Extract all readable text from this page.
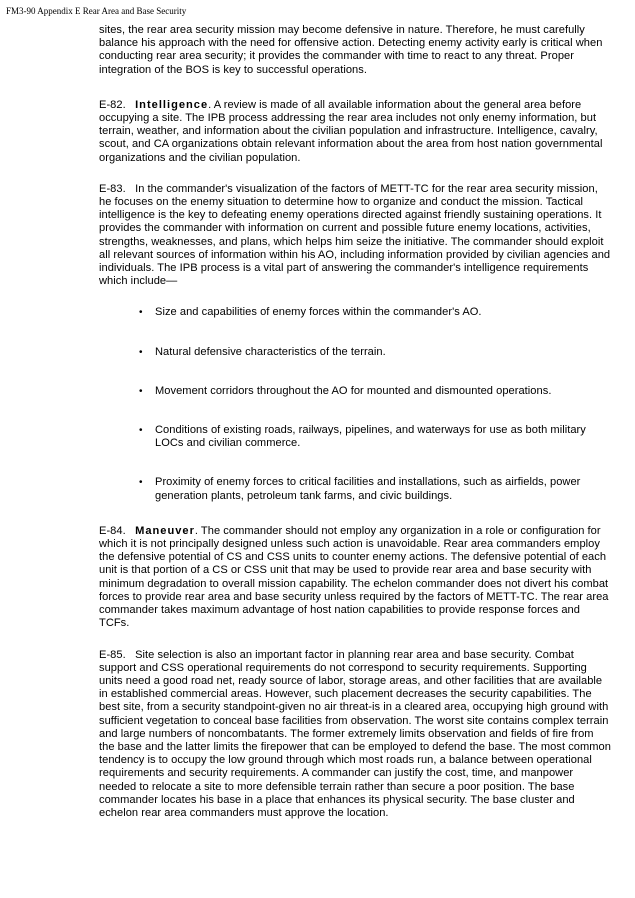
FM3-90 Appendix E Rear Area and Base Security

sites, the rear area security mission may become defensive in nature. Therefore, he must carefully balance his approach with the need for offensive action. Detecting enemy activity early is critical when conducting rear area security; it provides the commander with time to react to any threat. Proper integration of the BOS is key to successful operations.

E-82. Intelligence. A review is made of all available information about the general area before occupying a site. The IPB process addressing the rear area includes not only enemy information, but terrain, weather, and information about the civilian population and infrastructure. Intelligence, cavalry, scout, and CA organizations obtain relevant information about the area from host nation governmental organizations and the civilian population.

E-83. In the commander's visualization of the factors of METT-TC for the rear area security mission, he focuses on the enemy situation to determine how to organize and conduct the mission. Tactical intelligence is the key to defeating enemy operations directed against friendly sustaining operations. It provides the commander with information on current and possible future enemy locations, activities, strengths, weaknesses, and plans, which helps him seize the initiative. The commander should exploit all relevant sources of information within his AO, including information provided by civilian agencies and individuals. The IPB process is a vital part of answering the commander's intelligence requirements which include—

• Size and capabilities of enemy forces within the commander's AO.
• Natural defensive characteristics of the terrain.
• Movement corridors throughout the AO for mounted and dismounted operations.
• Conditions of existing roads, railways, pipelines, and waterways for use as both military LOCs and civilian commerce.
• Proximity of enemy forces to critical facilities and installations, such as airfields, power generation plants, petroleum tank farms, and civic buildings.

E-84. Maneuver. The commander should not employ any organization in a role or configuration for which it is not principally designed unless such action is unavoidable. Rear area commanders employ the defensive potential of CS and CSS units to counter enemy actions. The defensive potential of each unit is that portion of a CS or CSS unit that may be used to provide rear area and base security with minimum degradation to overall mission capability. The echelon commander does not divert his combat forces to provide rear area and base security unless required by the factors of METT-TC. The rear area commander takes maximum advantage of host nation capabilities to provide response forces and TCFs.

E-85. Site selection is also an important factor in planning rear area and base security. Combat support and CSS operational requirements do not correspond to security requirements. Supporting units need a good road net, ready source of labor, storage areas, and other facilities that are available in established commercial areas. However, such placement decreases the security capabilities. The best site, from a security standpoint-given no air threat-is in a cleared area, occupying high ground with sufficient vegetation to conceal base facilities from observation. The worst site contains complex terrain and large numbers of noncombatants. The former extremely limits observation and fields of fire from the base and the latter limits the firepower that can be employed to defend the base. The most common tendency is to occupy the low ground through which most roads run, a balance between operational requirements and security requirements. A commander can justify the cost, time, and manpower needed to relocate a site to more defensible terrain rather than secure a poor position. The base commander locates his base in a place that enhances its physical security. The base cluster and echelon rear area commanders must approve the location.
